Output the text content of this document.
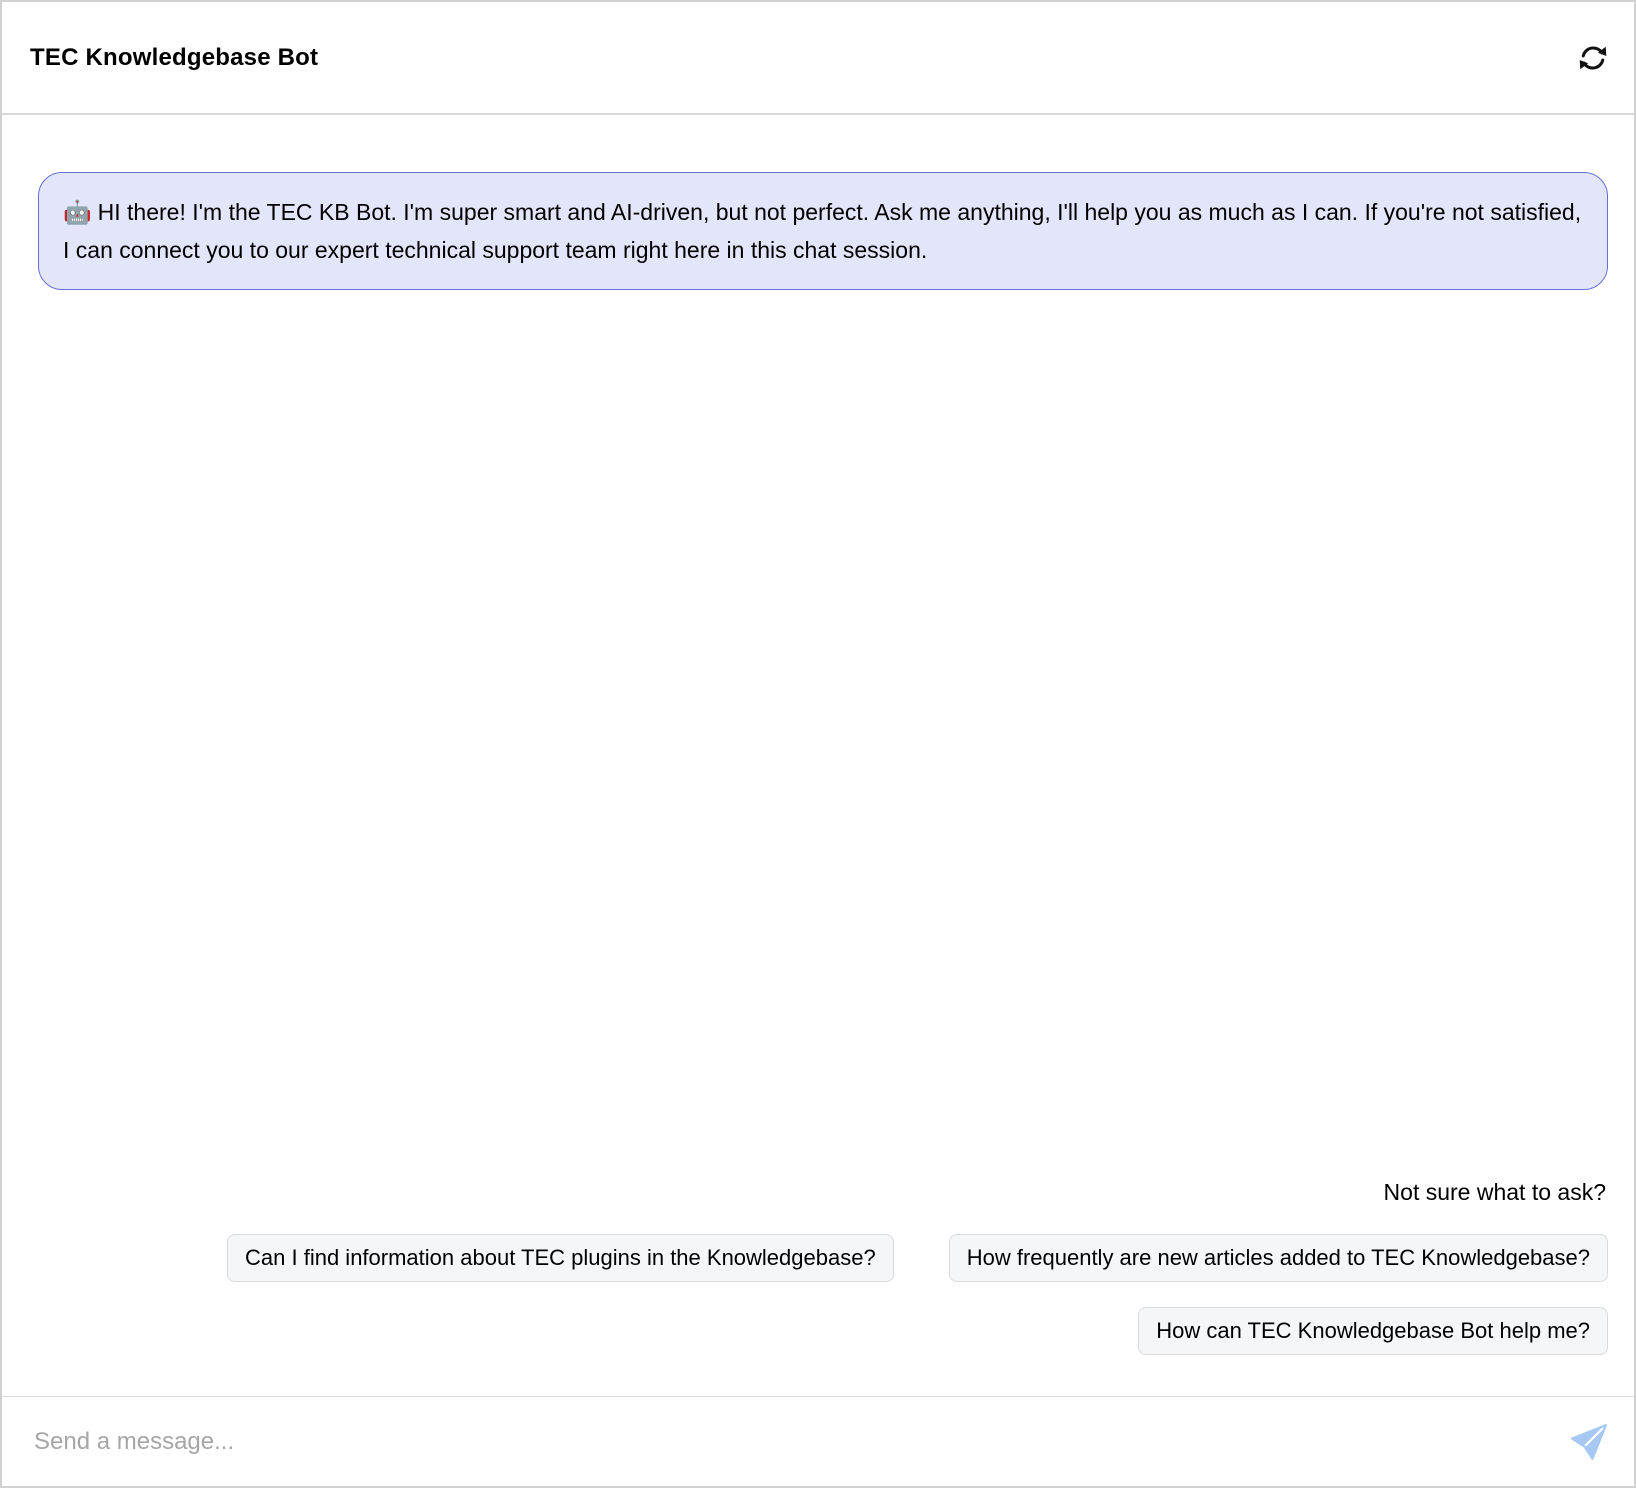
TEC Knowledgebase Bot
🤖 HI there! I'm the TEC KB Bot. I'm super smart and AI-driven, but not perfect. Ask me anything, I'll help you as much as I can. If you're not satisfied, I can connect you to our expert technical support team right here in this chat session.
Not sure what to ask?
Can I find information about TEC plugins in the Knowledgebase?	How frequently are new articles added to TEC Knowledgebase?
How can TEC Knowledgebase Bot help me?
Send a message...
